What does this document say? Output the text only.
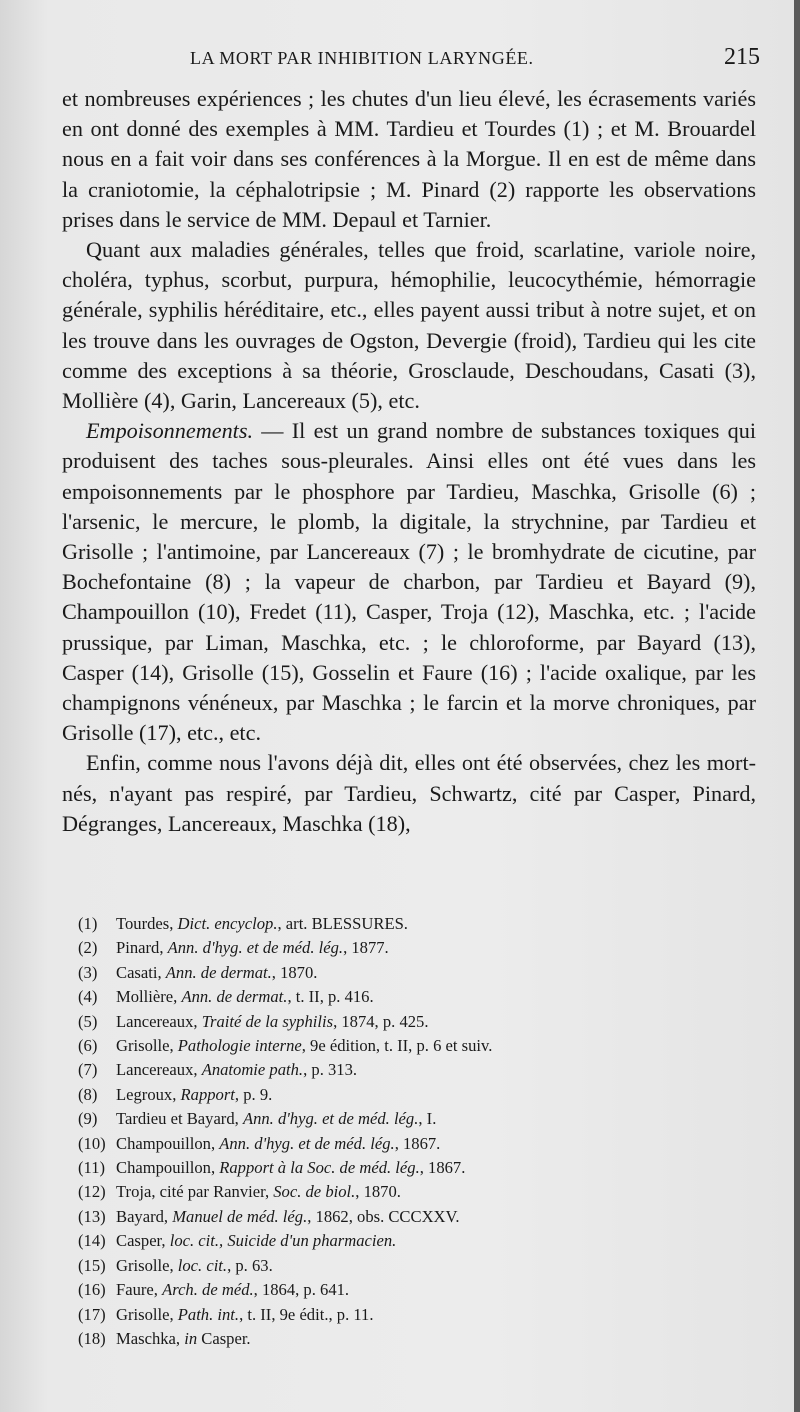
LA MORT PAR INHIBITION LARYNGÉE.	215

et nombreuses expériences ; les chutes d'un lieu élevé, les écrasements variés en ont donné des exemples à MM. Tardieu et Tourdes (1) ; et M. Brouardel nous en a fait voir dans ses conférences à la Morgue. Il en est de même dans la craniotomie, la céphalotripsie ; M. Pinard (2) rapporte les observations prises dans le service de MM. Depaul et Tarnier.

Quant aux maladies générales, telles que froid, scarlatine, variole noire, choléra, typhus, scorbut, purpura, hémophilie, leucocythémie, hémorragie générale, syphilis héréditaire, etc., elles payent aussi tribut à notre sujet, et on les trouve dans les ouvrages de Ogston, Devergie (froid), Tardieu qui les cite comme des exceptions à sa théorie, Grosclaude, Deschoudans, Casati (3), Mollière (4), Garin, Lancereaux (5), etc.

Empoisonnements. — Il est un grand nombre de substances toxiques qui produisent des taches sous-pleurales. Ainsi elles ont été vues dans les empoisonnements par le phosphore par Tardieu, Maschka, Grisolle (6) ; l'arsenic, le mercure, le plomb, la digitale, la strychnine, par Tardieu et Grisolle ; l'antimoine, par Lancereaux (7) ; le bromhydrate de cicutine, par Bochefontaine (8) ; la vapeur de charbon, par Tardieu et Bayard (9), Champouillon (10), Fredet (11), Casper, Troja (12), Maschka, etc. ; l'acide prussique, par Liman, Maschka, etc. ; le chloroforme, par Bayard (13), Casper (14), Grisolle (15), Gosselin et Faure (16) ; l'acide oxalique, par les champignons vénéneux, par Maschka ; le farcin et la morve chroniques, par Grisolle (17), etc., etc.

Enfin, comme nous l'avons déjà dit, elles ont été observées, chez les mort-nés, n'ayant pas respiré, par Tardieu, Schwartz, cité par Casper, Pinard, Dégranges, Lancereaux, Maschka (18),

(1) Tourdes, Dict. encyclop., art. BLESSURES.
(2) Pinard, Ann. d'hyg. et de méd. lég., 1877.
(3) Casati, Ann. de dermat., 1870.
(4) Mollière, Ann. de dermat., t. II, p. 416.
(5) Lancereaux, Traité de la syphilis, 1874, p. 425.
(6) Grisolle, Pathologie interne, 9e édition, t. II, p. 6 et suiv.
(7) Lancereaux, Anatomie path., p. 313.
(8) Legroux, Rapport, p. 9.
(9) Tardieu et Bayard, Ann. d'hyg. et de méd. lég., I.
(10) Champouillon, Ann. d'hyg. et de méd. lég., 1867.
(11) Champouillon, Rapport à la Soc. de méd. lég., 1867.
(12) Troja, cité par Ranvier, Soc. de biol., 1870.
(13) Bayard, Manuel de méd. lég., 1862, obs. CCCXXV.
(14) Casper, loc. cit., Suicide d'un pharmacien.
(15) Grisolle, loc. cit., p. 63.
(16) Faure, Arch. de méd., 1864, p. 641.
(17) Grisolle, Path. int., t. II, 9e édit., p. 11.
(18) Maschka, in Casper.
